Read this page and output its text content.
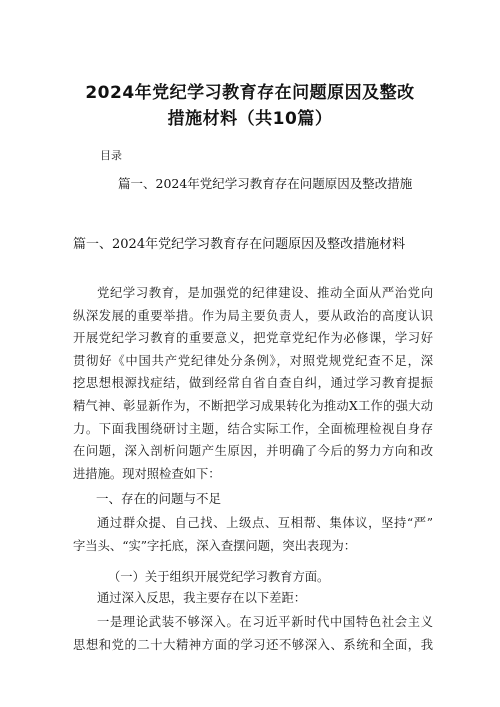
2024年党纪学习教育存在问题原因及整改
措施材料（共10篇）
目录
篇一、2024年党纪学习教育存在问题原因及整改措施
篇一、2024年党纪学习教育存在问题原因及整改措施材料
党纪学习教育，是加强党的纪律建设、推动全面从严治党向
纵深发展的重要举措。作为局主要负责人，要从政治的高度认识
开展党纪学习教育的重要意义，把党章党纪作为必修课，学习好
贯彻好《中国共产党纪律处分条例》，对照党规党纪查不足，深
挖思想根源找症结，做到经常自省自查自纠，通过学习教育提振
精气神、彰显新作为，不断把学习成果转化为推动X工作的强大动
力。下面我围绕研讨主题，结合实际工作，全面梳理检视自身存
在问题，深入剖析问题产生原因，并明确了今后的努力方向和改
进措施。现对照检查如下：
一、存在的问题与不足
通过群众提、自己找、上级点、互相帮、集体议，坚持“严”
字当头、“实”字托底，深入查摆问题，突出表现为：
（一）关于组织开展党纪学习教育方面。
通过深入反思，我主要存在以下差距：
一是理论武装不够深入。在习近平新时代中国特色社会主义
思想和党的二十大精神方面的学习还不够深入、系统和全面，我
